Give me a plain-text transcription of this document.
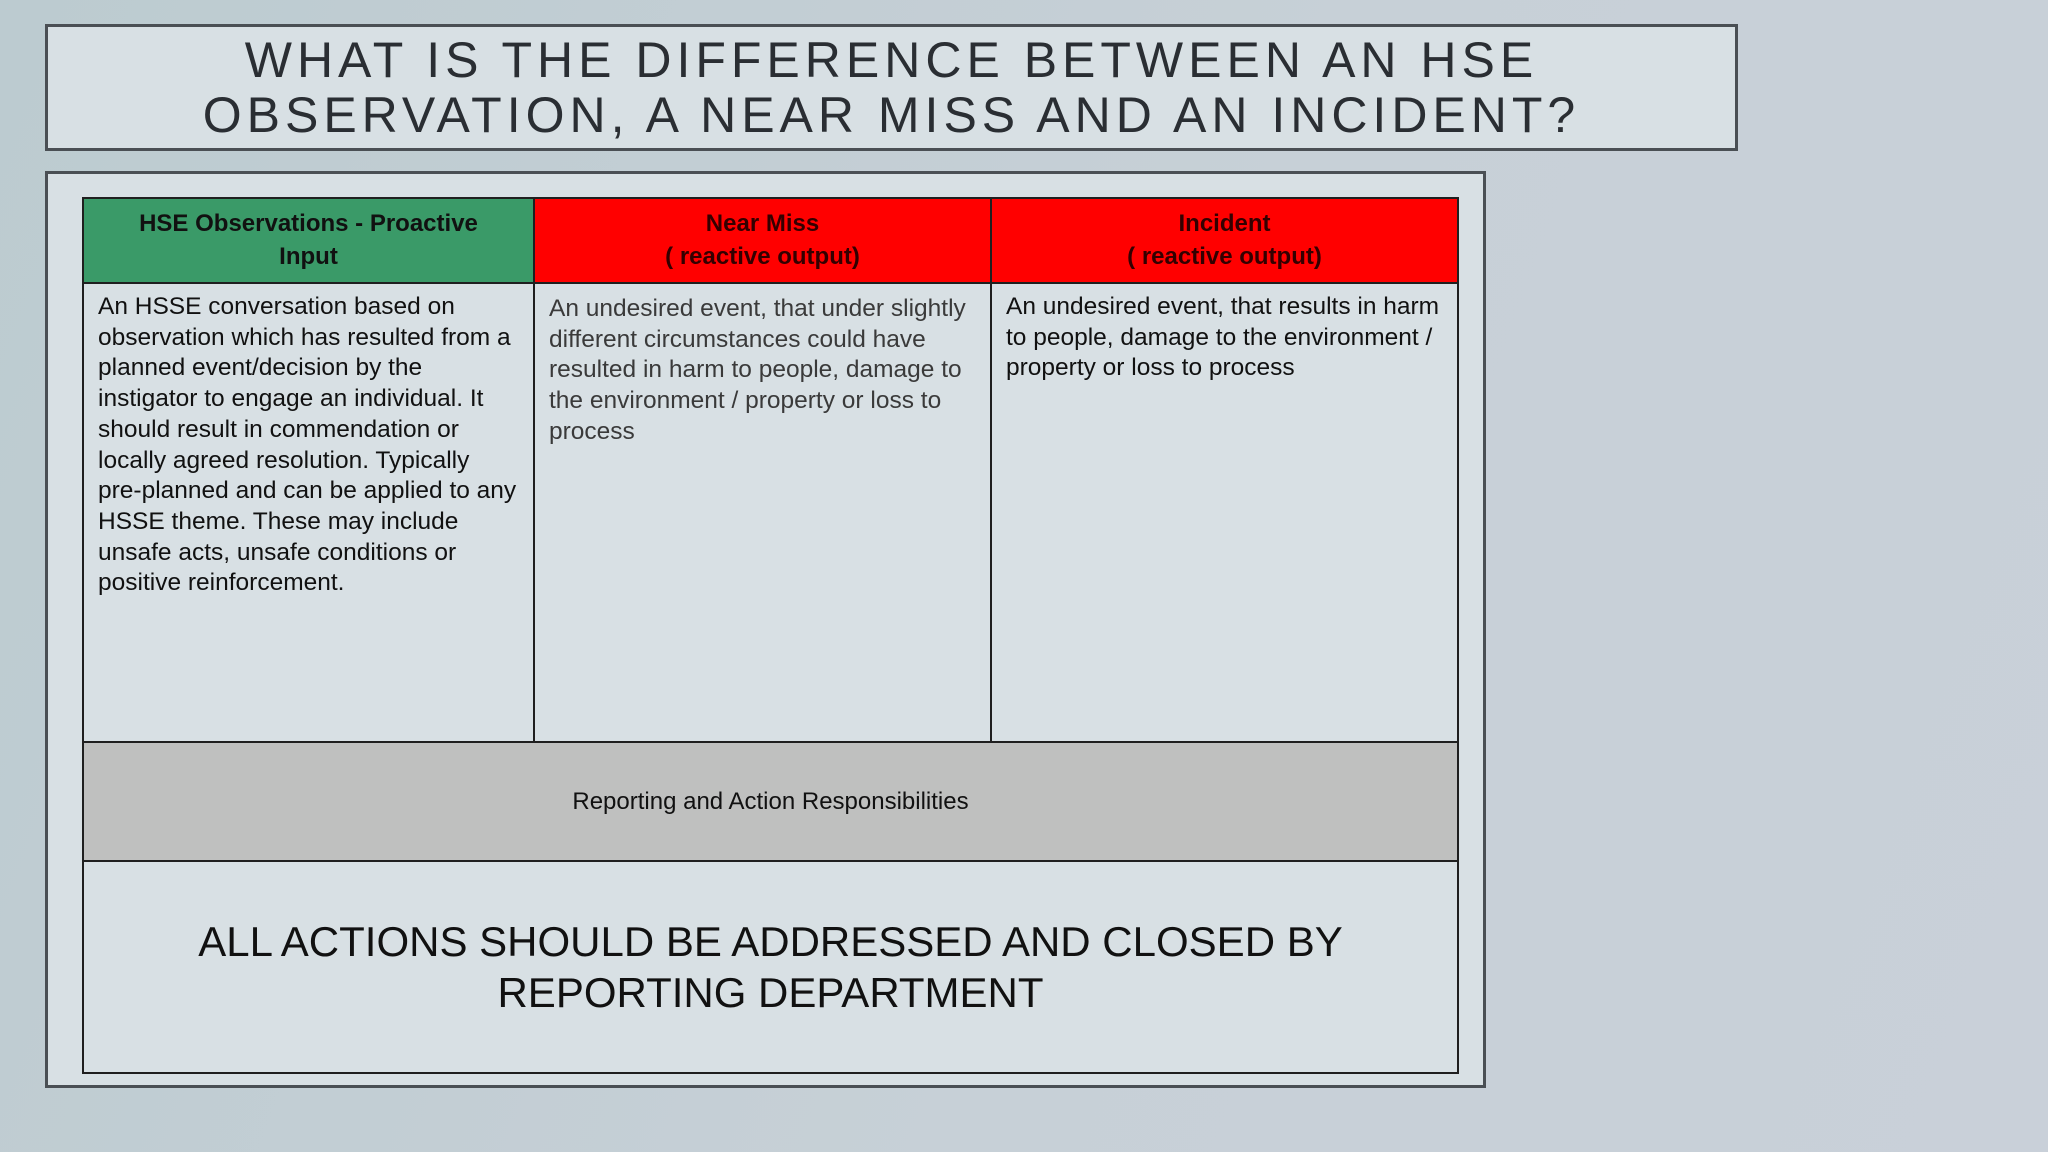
WHAT IS THE DIFFERENCE BETWEEN AN HSE
OBSERVATION, A NEAR MISS AND AN INCIDENT?
HSE Observations - Proactive
Input
Near Miss
( reactive output)
Incident
( reactive output)
An HSSE conversation based on observation which has resulted from a planned event/decision by the instigator to engage an individual. It should result in commendation or locally agreed resolution. Typically pre-planned and can be applied to any HSSE theme. These may include unsafe acts, unsafe conditions or positive reinforcement.
An undesired event, that under slightly different circumstances could have resulted in harm to people, damage to the environment / property or loss to process
An undesired event, that results in harm to people, damage to the environment / property or loss to process
Reporting and Action Responsibilities
ALL ACTIONS SHOULD BE ADDRESSED AND CLOSED BY
REPORTING DEPARTMENT
